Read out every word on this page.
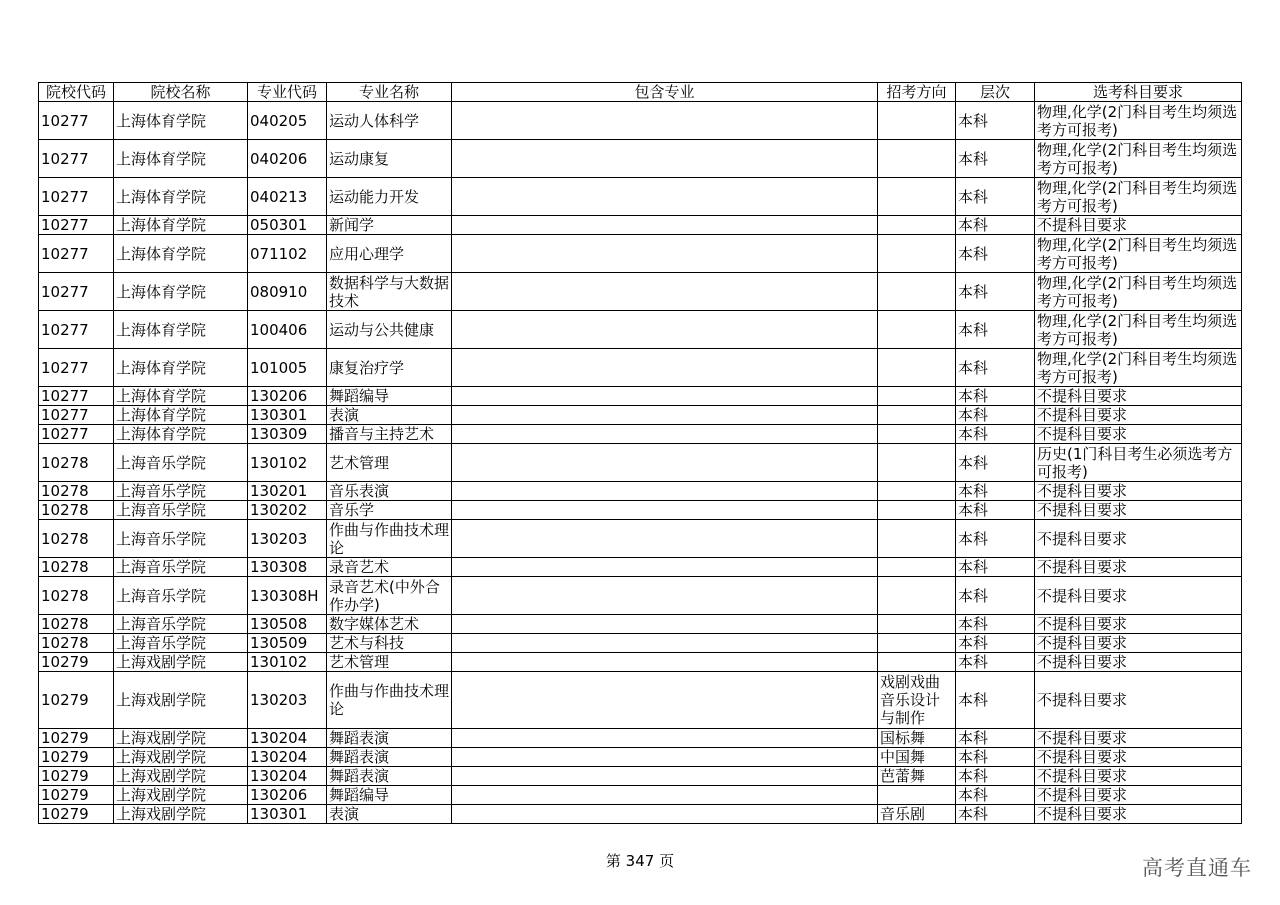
院校代码	院校名称	专业代码	专业名称	包含专业	招考方向	层次	选考科目要求
10277	上海体育学院	040205	运动人体科学			本科	物理,化学(2门科目考生均须选考方可报考)
10277	上海体育学院	040206	运动康复			本科	物理,化学(2门科目考生均须选考方可报考)
10277	上海体育学院	040213	运动能力开发			本科	物理,化学(2门科目考生均须选考方可报考)
10277	上海体育学院	050301	新闻学			本科	不提科目要求
10277	上海体育学院	071102	应用心理学			本科	物理,化学(2门科目考生均须选考方可报考)
10277	上海体育学院	080910	数据科学与大数据技术			本科	物理,化学(2门科目考生均须选考方可报考)
10277	上海体育学院	100406	运动与公共健康			本科	物理,化学(2门科目考生均须选考方可报考)
10277	上海体育学院	101005	康复治疗学			本科	物理,化学(2门科目考生均须选考方可报考)
10277	上海体育学院	130206	舞蹈编导			本科	不提科目要求
10277	上海体育学院	130301	表演			本科	不提科目要求
10277	上海体育学院	130309	播音与主持艺术			本科	不提科目要求
10278	上海音乐学院	130102	艺术管理			本科	历史(1门科目考生必须选考方可报考)
10278	上海音乐学院	130201	音乐表演			本科	不提科目要求
10278	上海音乐学院	130202	音乐学			本科	不提科目要求
10278	上海音乐学院	130203	作曲与作曲技术理论			本科	不提科目要求
10278	上海音乐学院	130308	录音艺术			本科	不提科目要求
10278	上海音乐学院	130308H	录音艺术(中外合作办学)			本科	不提科目要求
10278	上海音乐学院	130508	数字媒体艺术			本科	不提科目要求
10278	上海音乐学院	130509	艺术与科技			本科	不提科目要求
10279	上海戏剧学院	130102	艺术管理			本科	不提科目要求
10279	上海戏剧学院	130203	作曲与作曲技术理论		戏剧戏曲音乐设计与制作	本科	不提科目要求
10279	上海戏剧学院	130204	舞蹈表演		国标舞	本科	不提科目要求
10279	上海戏剧学院	130204	舞蹈表演		中国舞	本科	不提科目要求
10279	上海戏剧学院	130204	舞蹈表演		芭蕾舞	本科	不提科目要求
10279	上海戏剧学院	130206	舞蹈编导			本科	不提科目要求
10279	上海戏剧学院	130301	表演		音乐剧	本科	不提科目要求
第 347 页	高考直通车
